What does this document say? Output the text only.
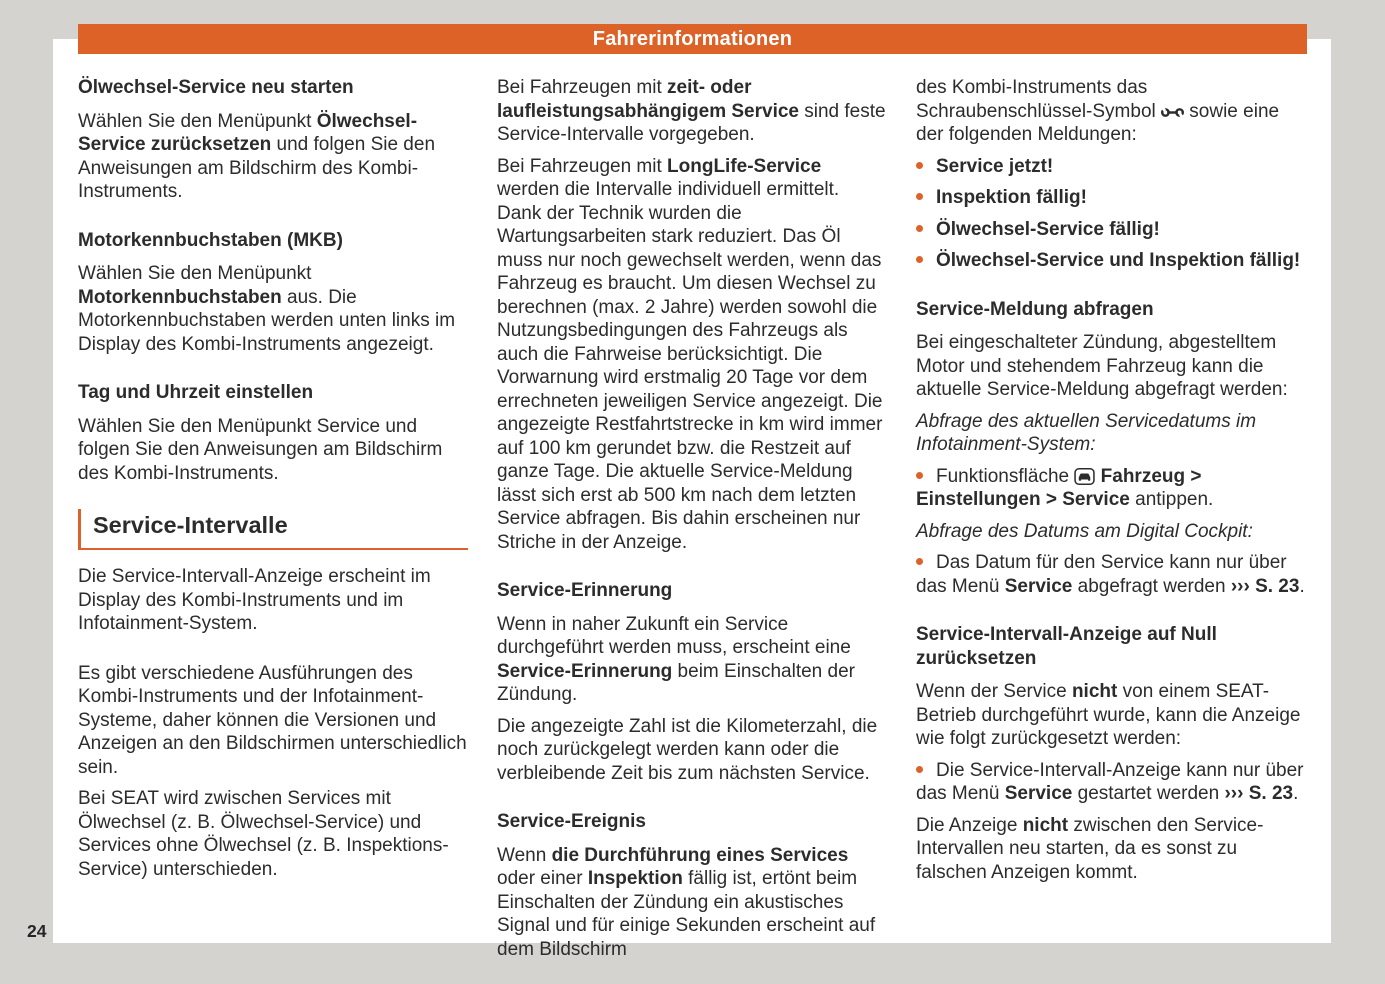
Ölwechsel-Service neu starten

Wählen Sie den Menüpunkt Ölwechsel-Service zurücksetzen und folgen Sie den Anweisungen am Bildschirm des Kombi-Instruments.

Motorkennbuchstaben (MKB)

Wählen Sie den Menüpunkt Motorkennbuchstaben aus. Die Motorkennbuchstaben werden unten links im Display des Kombi-Instruments angezeigt.

Tag und Uhrzeit einstellen

Wählen Sie den Menüpunkt Service und folgen Sie den Anweisungen am Bildschirm des Kombi-Instruments.

Service-Intervalle

Die Service-Intervall-Anzeige erscheint im Display des Kombi-Instruments und im Infotainment-System.

Es gibt verschiedene Ausführungen des Kombi-Instruments und der Infotainment-Systeme, daher können die Versionen und Anzeigen an den Bildschirmen unterschiedlich sein.

Bei SEAT wird zwischen Services mit Ölwechsel (z. B. Ölwechsel-Service) und Services ohne Ölwechsel (z. B. Inspektions-Service) unterschieden.

Bei Fahrzeugen mit zeit- oder laufleistungsabhängigem Service sind feste Service-Intervalle vorgegeben.

Bei Fahrzeugen mit LongLife-Service werden die Intervalle individuell ermittelt. Dank der Technik wurden die Wartungsarbeiten stark reduziert. Das Öl muss nur noch gewechselt werden, wenn das Fahrzeug es braucht. Um diesen Wechsel zu berechnen (max. 2 Jahre) werden sowohl die Nutzungsbedingungen des Fahrzeugs als auch die Fahrweise berücksichtigt. Die Vorwarnung wird erstmalig 20 Tage vor dem errechneten jeweiligen Service angezeigt. Die angezeigte Restfahrtstrecke in km wird immer auf 100 km gerundet bzw. die Restzeit auf ganze Tage. Die aktuelle Service-Meldung lässt sich erst ab 500 km nach dem letzten Service abfragen. Bis dahin erscheinen nur Striche in der Anzeige.

Service-Erinnerung

Wenn in naher Zukunft ein Service durchgeführt werden muss, erscheint eine Service-Erinnerung beim Einschalten der Zündung.

Die angezeigte Zahl ist die Kilometerzahl, die noch zurückgelegt werden kann oder die verbleibende Zeit bis zum nächsten Service.

Service-Ereignis

Wenn die Durchführung eines Services oder einer Inspektion fällig ist, ertönt beim Einschalten der Zündung ein akustisches Signal und für einige Sekunden erscheint auf dem Bildschirm

des Kombi-Instruments das Schraubenschlüssel-Symbol  sowie eine der folgenden Meldungen:

Service jetzt!

Inspektion fällig!

Ölwechsel-Service fällig!

Ölwechsel-Service und Inspektion fällig!

Service-Meldung abfragen

Bei eingeschalteter Zündung, abgestelltem Motor und stehendem Fahrzeug kann die aktuelle Service-Meldung abgefragt werden:

Abfrage des aktuellen Servicedatums im Infotainment-System:

Funktionsfläche  Fahrzeug > Einstellungen > Service antippen.

Abfrage des Datums am Digital Cockpit:

Das Datum für den Service kann nur über das Menü Service abgefragt werden ››› S. 23.

Service-Intervall-Anzeige auf Null zurücksetzen

Wenn der Service nicht von einem SEAT-Betrieb durchgeführt wurde, kann die Anzeige wie folgt zurückgesetzt werden:

Die Service-Intervall-Anzeige kann nur über das Menü Service gestartet werden ››› S. 23.

Die Anzeige nicht zwischen den Service-Intervallen neu starten, da es sonst zu falschen Anzeigen kommt.

Fahrerinformationen
24
